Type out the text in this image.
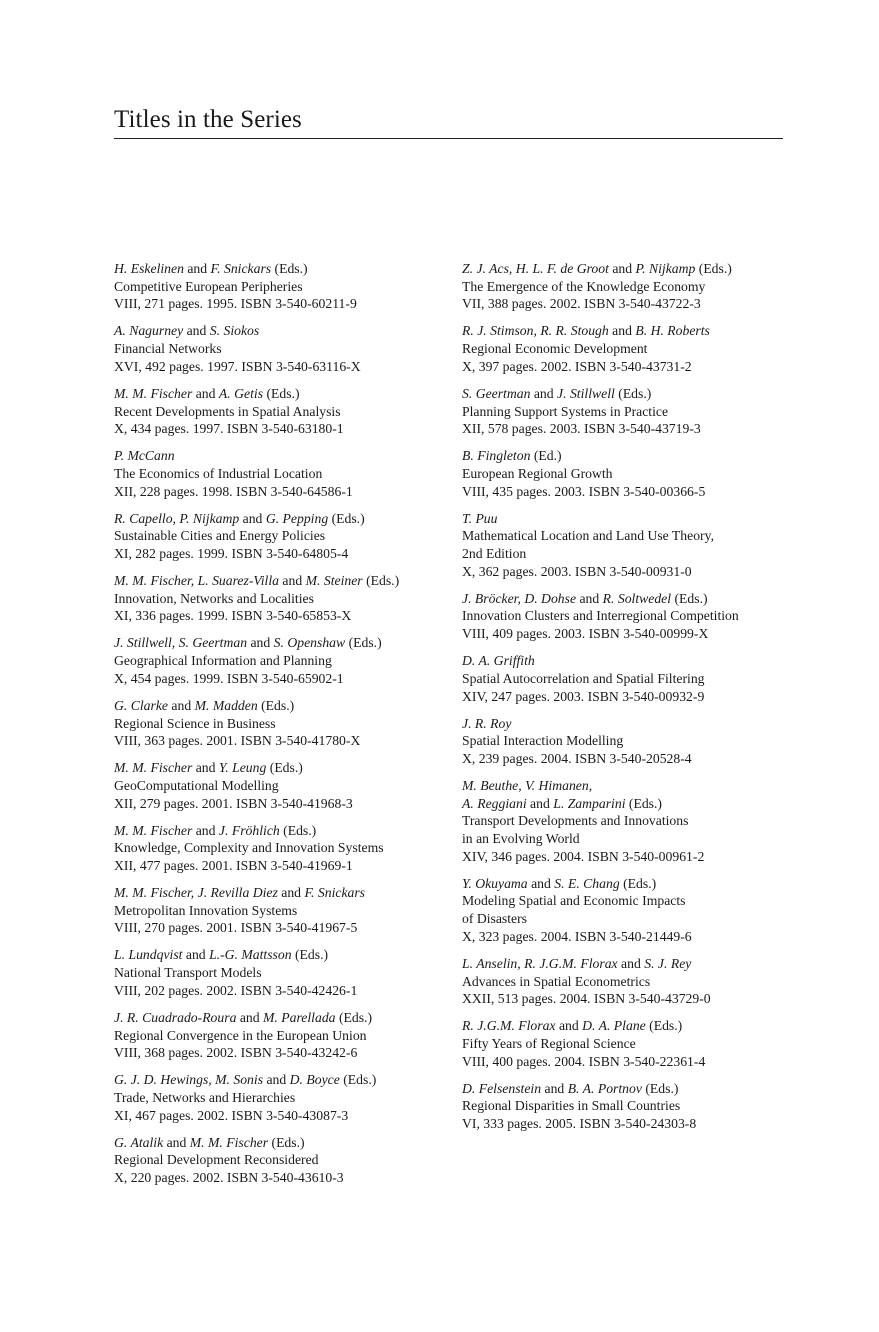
Titles in the Series
H. Eskelinen and F. Snickars (Eds.)
Competitive European Peripheries
VIII, 271 pages. 1995. ISBN 3-540-60211-9
A. Nagurney and S. Siokos
Financial Networks
XVI, 492 pages. 1997. ISBN 3-540-63116-X
M. M. Fischer and A. Getis (Eds.)
Recent Developments in Spatial Analysis
X, 434 pages. 1997. ISBN 3-540-63180-1
P. McCann
The Economics of Industrial Location
XII, 228 pages. 1998. ISBN 3-540-64586-1
R. Capello, P. Nijkamp and G. Pepping (Eds.)
Sustainable Cities and Energy Policies
XI, 282 pages. 1999. ISBN 3-540-64805-4
M. M. Fischer, L. Suarez-Villa and M. Steiner (Eds.)
Innovation, Networks and Localities
XI, 336 pages. 1999. ISBN 3-540-65853-X
J. Stillwell, S. Geertman and S. Openshaw (Eds.)
Geographical Information and Planning
X, 454 pages. 1999. ISBN 3-540-65902-1
G. Clarke and M. Madden (Eds.)
Regional Science in Business
VIII, 363 pages. 2001. ISBN 3-540-41780-X
M. M. Fischer and Y. Leung (Eds.)
GeoComputational Modelling
XII, 279 pages. 2001. ISBN 3-540-41968-3
M. M. Fischer and J. Fröhlich (Eds.)
Knowledge, Complexity and Innovation Systems
XII, 477 pages. 2001. ISBN 3-540-41969-1
M. M. Fischer, J. Revilla Diez and F. Snickars
Metropolitan Innovation Systems
VIII, 270 pages. 2001. ISBN 3-540-41967-5
L. Lundqvist and L.-G. Mattsson (Eds.)
National Transport Models
VIII, 202 pages. 2002. ISBN 3-540-42426-1
J. R. Cuadrado-Roura and M. Parellada (Eds.)
Regional Convergence in the European Union
VIII, 368 pages. 2002. ISBN 3-540-43242-6
G. J. D. Hewings, M. Sonis and D. Boyce (Eds.)
Trade, Networks and Hierarchies
XI, 467 pages. 2002. ISBN 3-540-43087-3
G. Atalik and M. M. Fischer (Eds.)
Regional Development Reconsidered
X, 220 pages. 2002. ISBN 3-540-43610-3
Z. J. Acs, H. L. F. de Groot and P. Nijkamp (Eds.)
The Emergence of the Knowledge Economy
VII, 388 pages. 2002. ISBN 3-540-43722-3
R. J. Stimson, R. R. Stough and B. H. Roberts
Regional Economic Development
X, 397 pages. 2002. ISBN 3-540-43731-2
S. Geertman and J. Stillwell (Eds.)
Planning Support Systems in Practice
XII, 578 pages. 2003. ISBN 3-540-43719-3
B. Fingleton (Ed.)
European Regional Growth
VIII, 435 pages. 2003. ISBN 3-540-00366-5
T. Puu
Mathematical Location and Land Use Theory,
2nd Edition
X, 362 pages. 2003. ISBN 3-540-00931-0
J. Bröcker, D. Dohse and R. Soltwedel (Eds.)
Innovation Clusters and Interregional Competition
VIII, 409 pages. 2003. ISBN 3-540-00999-X
D. A. Griffith
Spatial Autocorrelation and Spatial Filtering
XIV, 247 pages. 2003. ISBN 3-540-00932-9
J. R. Roy
Spatial Interaction Modelling
X, 239 pages. 2004. ISBN 3-540-20528-4
M. Beuthe, V. Himanen,
A. Reggiani and L. Zamparini (Eds.)
Transport Developments and Innovations
in an Evolving World
XIV, 346 pages. 2004. ISBN 3-540-00961-2
Y. Okuyama and S. E. Chang (Eds.)
Modeling Spatial and Economic Impacts
of Disasters
X, 323 pages. 2004. ISBN 3-540-21449-6
L. Anselin, R. J.G.M. Florax and S. J. Rey
Advances in Spatial Econometrics
XXII, 513 pages. 2004. ISBN 3-540-43729-0
R. J.G.M. Florax and D. A. Plane (Eds.)
Fifty Years of Regional Science
VIII, 400 pages. 2004. ISBN 3-540-22361-4
D. Felsenstein and B. A. Portnov (Eds.)
Regional Disparities in Small Countries
VI, 333 pages. 2005. ISBN 3-540-24303-8
